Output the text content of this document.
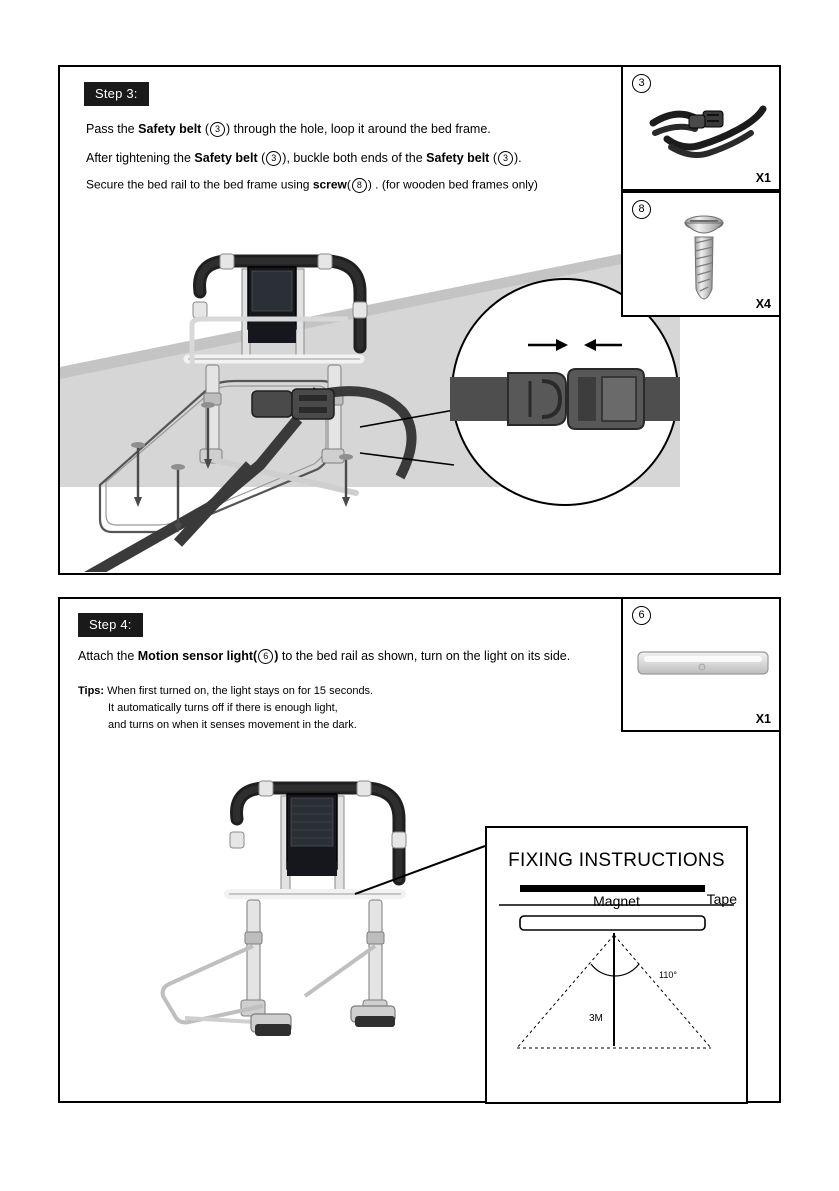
Step 3:
Pass the Safety belt ( 3 ) through the hole, loop it around the bed frame.
After tightening the Safety belt ( 3 ), buckle both ends of the Safety belt ( 3 ).
Secure the bed rail to the bed frame using screw( 8 ) . (for wooden bed frames only)
3
X1
8
X4
Step 4:
Attach the Motion sensor light( 6 ) to the bed rail as shown, turn on the light on its side.
Tips: When first turned on, the light stays on for 15 seconds.
It automatically turns off if there is enough light,
and turns on when it senses movement in the dark.
FIXING INSTRUCTIONS
Tape
Magnet
110°
3M
6
X1
